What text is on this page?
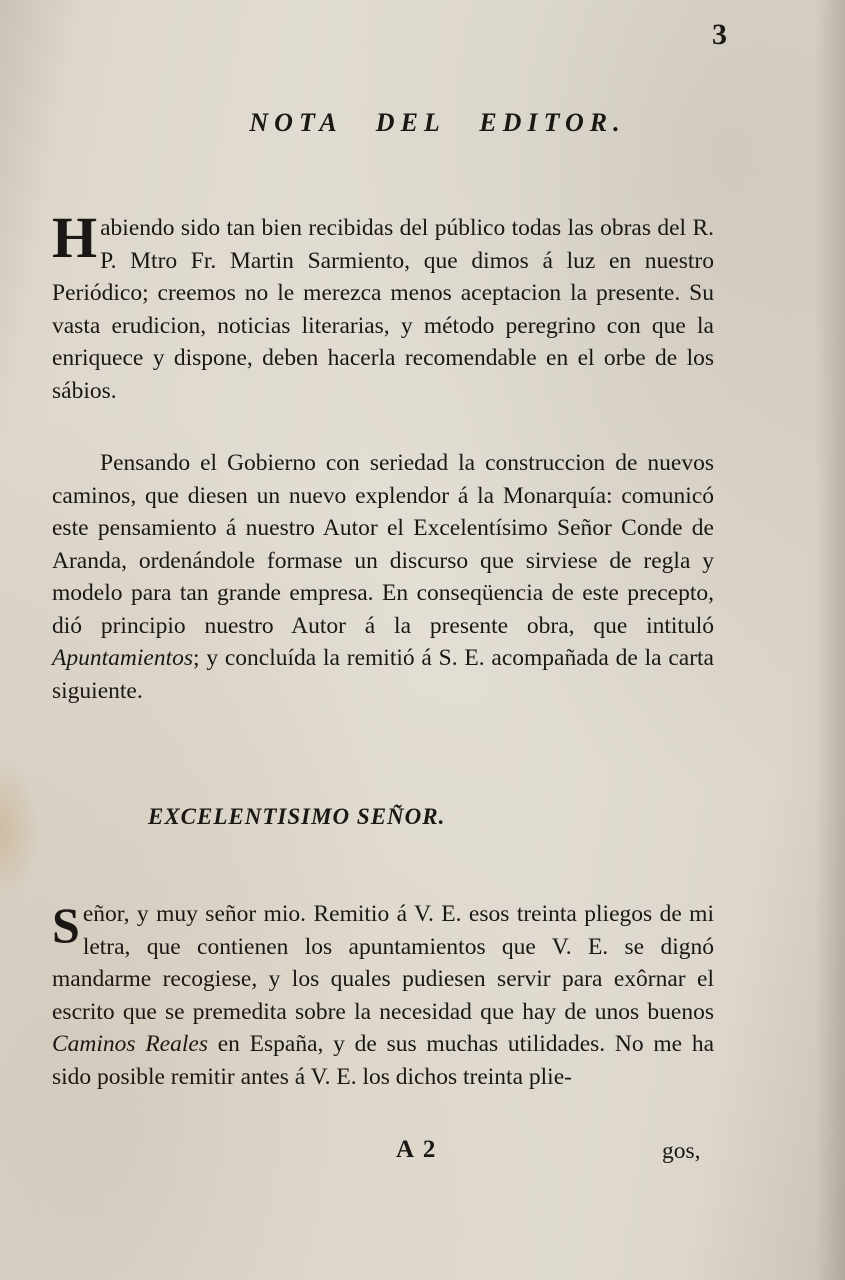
3
NOTA DEL EDITOR.

Habiendo sido tan bien recibidas del público todas las obras del R. P. Mtro Fr. Martin Sarmiento, que dimos á luz en nuestro Periódico; creemos no le merezca menos aceptacion la presente. Su vasta erudicion, noticias literarias, y método peregrino con que la enriquece y dispone, deben hacerla recomendable en el orbe de los sábios.

Pensando el Gobierno con seriedad la construccion de nuevos caminos, que diesen un nuevo explendor á la Monarquía: comunicó este pensamiento á nuestro Autor el Excelentísimo Señor Conde de Aranda, ordenándole formase un discurso que sirviese de regla y modelo para tan grande empresa. En conseqüencia de este precepto, dió principio nuestro Autor á la presente obra, que intituló Apuntamientos; y concluída la remitió á S. E. acompañada de la carta siguiente.

EXCELENTISIMO SEÑOR.

Señor, y muy señor mio. Remitio á V. E. esos treinta pliegos de mi letra, que contienen los apuntamientos que V. E. se dignó mandarme recogiese, y los quales pudiesen servir para exôrnar el escrito que se premedita sobre la necesidad que hay de unos buenos Caminos Reales en España, y de sus muchas utilidades. No me ha sido posible remitir antes á V. E. los dichos treinta plie-

A 2	gos,
